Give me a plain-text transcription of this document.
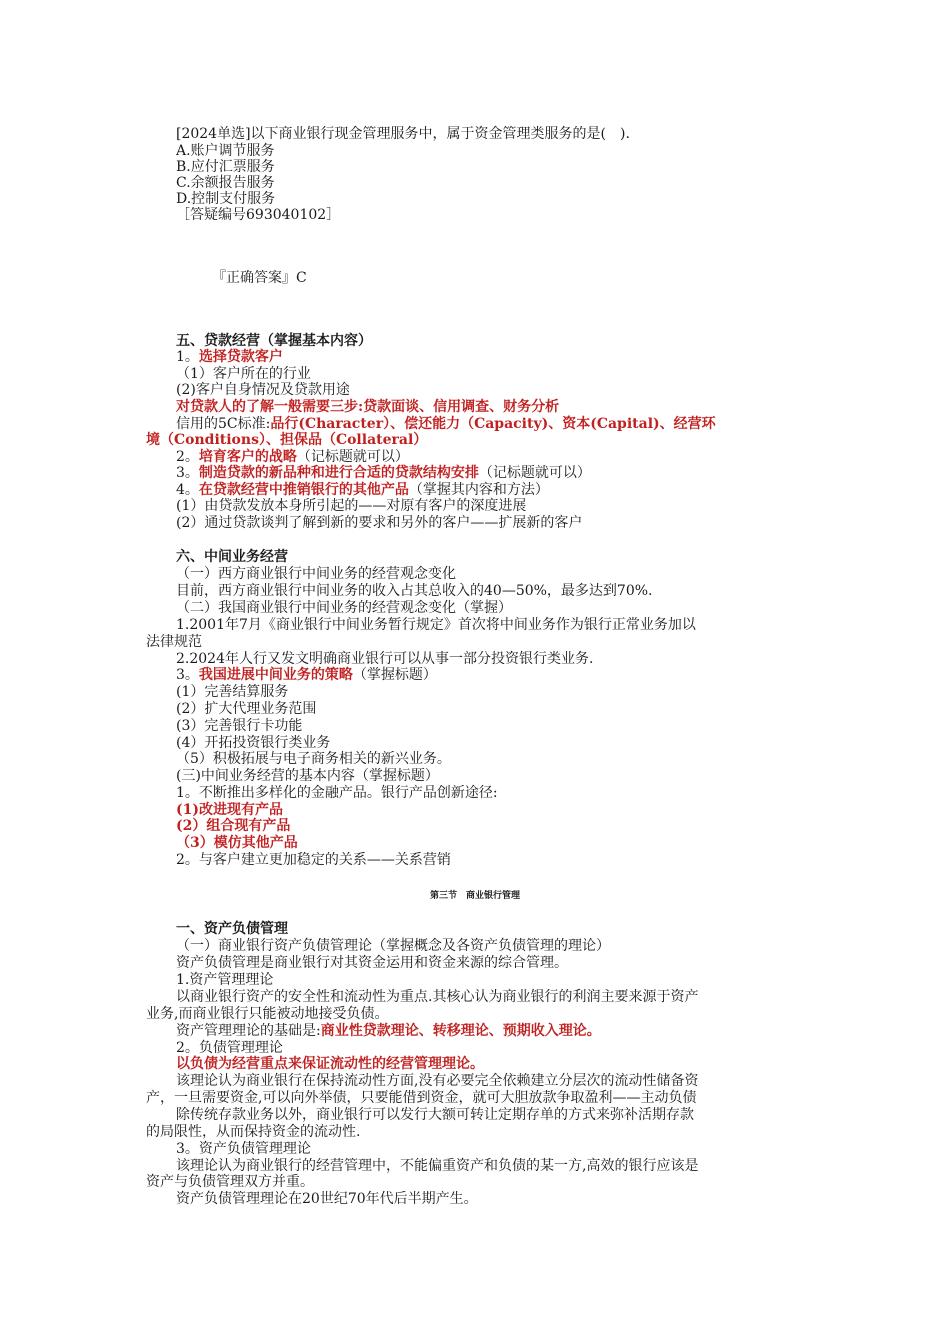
[2024单选]以下商业银行现金管理服务中，属于资金管理类服务的是(　).
A.账户调节服务
B.应付汇票服务
C.余额报告服务
D.控制支付服务
［答疑编号693040102］
『正确答案』C
五、贷款经营（掌握基本内容）
1。选择贷款客户
（1）客户所在的行业
(2)客户自身情况及贷款用途
对贷款人的了解一般需要三步:贷款面谈、信用调查、财务分析
信用的5C标准:品行(Character）、偿还能力（Capacity)、资本(Capital)、经营环
境（Conditions）、担保品（Collateral）
2。培育客户的战略（记标题就可以）
3。制造贷款的新品种和进行合适的贷款结构安排（记标题就可以）
4。在贷款经营中推销银行的其他产品（掌握其内容和方法）
(1）由贷款发放本身所引起的——对原有客户的深度进展
(2）通过贷款谈判了解到新的要求和另外的客户——扩展新的客户
六、中间业务经营
（一）西方商业银行中间业务的经营观念变化
目前，西方商业银行中间业务的收入占其总收入的40—50%，最多达到70%.
（二）我国商业银行中间业务的经营观念变化（掌握）
1.2001年7月《商业银行中间业务暂行规定》首次将中间业务作为银行正常业务加以
法律规范
2.2024年人行又发文明确商业银行可以从事一部分投资银行类业务.
3。我国进展中间业务的策略（掌握标题）
(1）完善结算服务
(2）扩大代理业务范围
(3）完善银行卡功能
(4）开拓投资银行类业务
（5）积极拓展与电子商务相关的新兴业务。
(三)中间业务经营的基本内容（掌握标题）
1。不断推出多样化的金融产品。银行产品创新途径:
(1)改进现有产品
(2）组合现有产品
（3）模仿其他产品
2。与客户建立更加稳定的关系——关系营销
第三节　商业银行管理
一、资产负债管理
（一）商业银行资产负债管理论（掌握概念及各资产负债管理的理论）
资产负债管理是商业银行对其资金运用和资金来源的综合管理。
1.资产管理理论
以商业银行资产的安全性和流动性为重点.其核心认为商业银行的利润主要来源于资产
业务,而商业银行只能被动地接受负债。
资产管理理论的基础是:商业性贷款理论、转移理论、预期收入理论。
2。负债管理理论
以负债为经营重点来保证流动性的经营管理理论。
该理论认为商业银行在保持流动性方面,没有必要完全依赖建立分层次的流动性储备资
产，一旦需要资金,可以向外举债，只要能借到资金，就可大胆放款争取盈利——主动负债
除传统存款业务以外，商业银行可以发行大额可转让定期存单的方式来弥补活期存款
的局限性，从而保持资金的流动性.
3。资产负债管理理论
该理论认为商业银行的经营管理中，不能偏重资产和负债的某一方,高效的银行应该是
资产与负债管理双方并重。
资产负债管理理论在20世纪70年代后半期产生。
